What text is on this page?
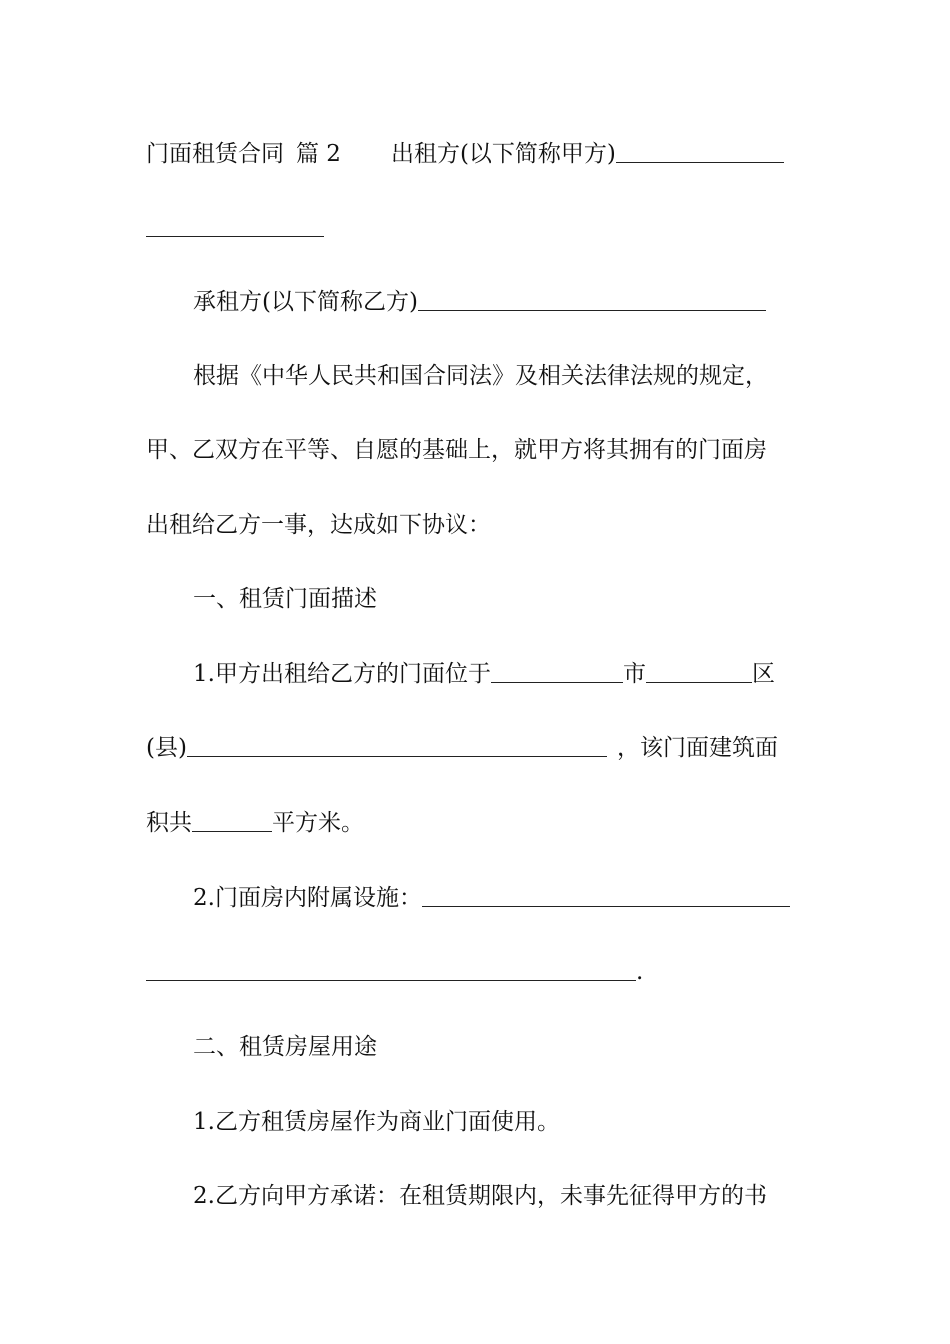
门面租赁合同 篇 2 出租方(以下简称甲方)
承租方(以下简称乙方)
根据《中华人民共和国合同法》及相关法律法规的规定，
甲、乙双方在平等、自愿的基础上，就甲方将其拥有的门面房
出租给乙方一事，达成如下协议：
一、租赁门面描述
1.甲方出租给乙方的门面位于	市	区
(县)	，该门面建筑面
积共	平方米。
2.门面房内附属设施：
.
二、租赁房屋用途
1.乙方租赁房屋作为商业门面使用。
2.乙方向甲方承诺：在租赁期限内，未事先征得甲方的书
